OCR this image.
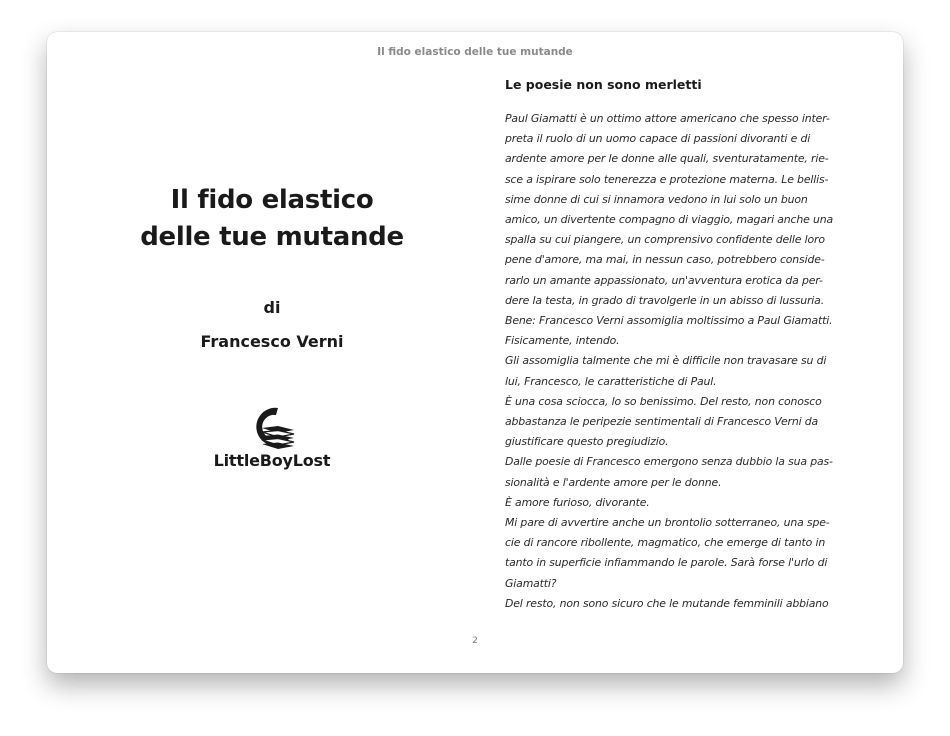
Il fido elastico delle tue mutande
Il fido elastico
delle tue mutande
di
Francesco Verni
LittleBoyLost
Le poesie non sono merletti
Paul Giamatti è un ottimo attore americano che spesso inter-
preta il ruolo di un uomo capace di passioni divoranti e di
ardente amore per le donne alle quali, sventuratamente, rie-
sce a ispirare solo tenerezza e protezione materna. Le bellis-
sime donne di cui si innamora vedono in lui solo un buon
amico, un divertente compagno di viaggio, magari anche una
spalla su cui piangere, un comprensivo confidente delle loro
pene d'amore, ma mai, in nessun caso, potrebbero conside-
rarlo un amante appassionato, un'avventura erotica da per-
dere la testa, in grado di travolgerle in un abisso di lussuria.
Bene: Francesco Verni assomiglia moltissimo a Paul Giamatti.
Fisicamente, intendo.
Gli assomiglia talmente che mi è difficile non travasare su di
lui, Francesco, le caratteristiche di Paul.
È una cosa sciocca, lo so benissimo. Del resto, non conosco
abbastanza le peripezie sentimentali di Francesco Verni da
giustificare questo pregiudizio.
Dalle poesie di Francesco emergono senza dubbio la sua pas-
sionalità e l'ardente amore per le donne.
È amore furioso, divorante.
Mi pare di avvertire anche un brontolio sotterraneo, una spe-
cie di rancore ribollente, magmatico, che emerge di tanto in
tanto in superficie infiammando le parole. Sarà forse l'urlo di
Giamatti?
Del resto, non sono sicuro che le mutande femminili abbiano
2
